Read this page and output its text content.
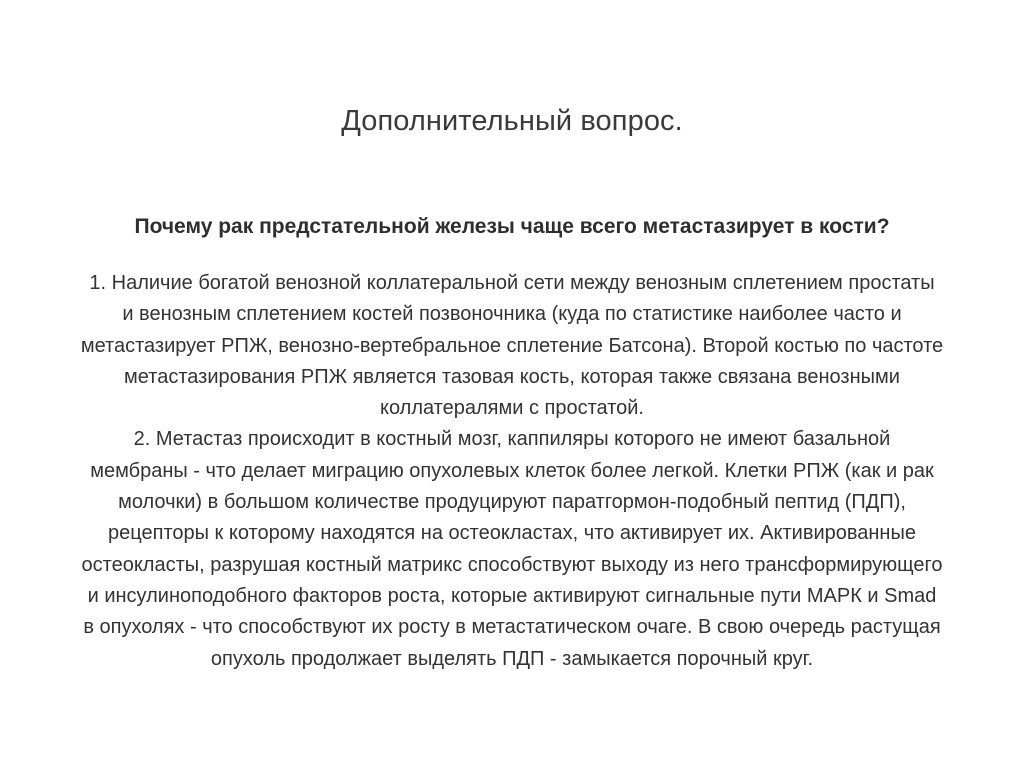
Дополнительный вопрос.
Почему рак предстательной железы чаще всего метастазирует в кости?
1. Наличие богатой венозной коллатеральной сети между венозным сплетением простаты
и венозным сплетением костей позвоночника (куда по статистике наиболее часто и
метастазирует РПЖ, венозно-вертебральное сплетение Батсона). Второй костью по частоте
метастазирования РПЖ является тазовая кость, которая также связана венозными
коллатералями с простатой.
2. Метастаз происходит в костный мозг, каппиляры которого не имеют базальной
мембраны - что делает миграцию опухолевых клеток более легкой. Клетки РПЖ (как и рак
молочки) в большом количестве продуцируют паратгормон-подобный пептид (ПДП),
рецепторы к которому находятся на остеокластах, что активирует их. Активированные
остеокласты, разрушая костный матрикс способствуют выходу из него трансформирующего
и инсулиноподобного факторов роста, которые активируют сигнальные пути МАРК и Smad
в опухолях - что способствуют их росту в метастатическом очаге. В свою очередь растущая
опухоль продолжает выделять ПДП - замыкается порочный круг.
